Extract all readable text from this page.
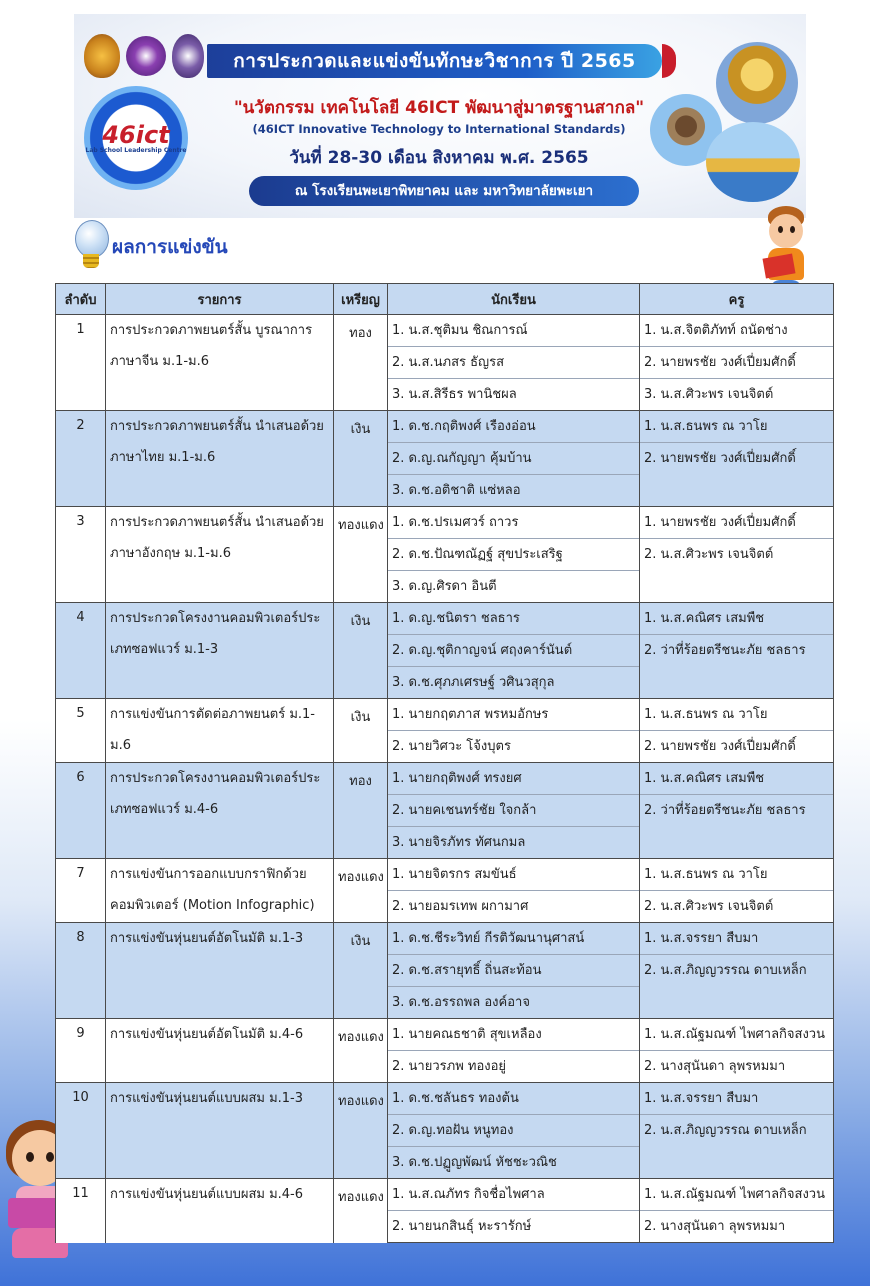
การประกวดและแข่งขันทักษะวิชาการ ปี 2565
46ict
Lab School Leadership Centre
"นวัตกรรม เทคโนโลยี 46ICT พัฒนาสู่มาตรฐานสากล"
(46ICT Innovative Technology to International Standards)
วันที่ 28-30 เดือน สิงหาคม พ.ศ. 2565
ณ โรงเรียนพะเยาพิทยาคม และ มหาวิทยาลัยพะเยา
ผลการแข่งขัน
ลำดับ	รายการ	เหรียญ	นักเรียน	ครู
1	การประกวดภาพยนตร์สั้น บูรณาการภาษาจีน ม.1-ม.6	ทอง	1. น.ส.ชุติมน ชิณการณ์	1. น.ส.จิตติภัทท์ ถนัดช่าง
			2. น.ส.นภสร ธัญรส	2. นายพรชัย วงศ์เปี่ยมศักดิ์
			3. น.ส.สิรีธร พานิชผล	3. น.ส.ศิวะพร เจนจิตต์
2	การประกวดภาพยนตร์สั้น นำเสนอด้วยภาษาไทย ม.1-ม.6	เงิน	1. ด.ช.กฤติพงศ์ เรืองอ่อน	1. น.ส.ธนพร ณ วาโย
			2. ด.ญ.ณกัญญา คุ้มบ้าน	2. นายพรชัย วงศ์เปี่ยมศักดิ์
			3. ด.ช.อติชาติ แซ่หลอ	
3	การประกวดภาพยนตร์สั้น นำเสนอด้วยภาษาอังกฤษ ม.1-ม.6	ทองแดง	1. ด.ช.ปรเมศวร์ ถาวร	1. นายพรชัย วงศ์เปี่ยมศักดิ์
			2. ด.ช.ปัณฑณัฏฐ์ สุขประเสริฐ	2. น.ส.ศิวะพร เจนจิตต์
			3. ด.ญ.ศิรดา อินตี	
4	การประกวดโครงงานคอมพิวเตอร์ประเภทซอฟแวร์ ม.1-3	เงิน	1. ด.ญ.ชนิตรา ชลธาร	1. น.ส.คณิศร เสมพืช
			2. ด.ญ.ชุติกาญจน์ ศฤงคาร์นันต์	2. ว่าที่ร้อยตรีชนะภัย ชลธาร
			3. ด.ช.ศุภภเศรษฐ์ วศินวสุกุล	
5	การแข่งขันการตัดต่อภาพยนตร์ ม.1-ม.6	เงิน	1. นายกฤตภาส พรหมอักษร	1. น.ส.ธนพร ณ วาโย
			2. นายวิศวะ โจ้งบุตร	2. นายพรชัย วงศ์เปี่ยมศักดิ์
6	การประกวดโครงงานคอมพิวเตอร์ประเภทซอฟแวร์ ม.4-6	ทอง	1. นายกฤติพงศ์ ทรงยศ	1. น.ส.คณิศร เสมพืช
			2. นายคเชนทร์ชัย ใจกล้า	2. ว่าที่ร้อยตรีชนะภัย ชลธาร
			3. นายจิรภัทร ทัศนกมล	
7	การแข่งขันการออกแบบกราฟิกด้วยคอมพิวเตอร์ (Motion Infographic)	ทองแดง	1. นายจิตรกร สมขันธ์	1. น.ส.ธนพร ณ วาโย
			2. นายอมรเทพ ผกามาศ	2. น.ส.ศิวะพร เจนจิตต์
8	การแข่งขันหุ่นยนต์อัตโนมัติ ม.1-3	เงิน	1. ด.ช.ชีระวิทย์ กีรติวัฒนานุศาสน์	1. น.ส.จรรยา สืบมา
			2. ด.ช.สรายุทธิ์ ถิ่นสะท้อน	2. น.ส.ภิญญวรรณ ดาบเหล็ก
			3. ด.ช.อรรถพล องค์อาจ	
9	การแข่งขันหุ่นยนต์อัตโนมัติ ม.4-6	ทองแดง	1. นายคณธชาติ สุขเหลือง	1. น.ส.ณัฐมณฑ์ ไพศาลกิจสงวน
			2. นายวรภพ ทองอยู่	2. นางสุนันดา ลุพรหมมา
10	การแข่งขันหุ่นยนต์แบบผสม ม.1-3	ทองแดง	1. ด.ช.ชลันธร ทองต้น	1. น.ส.จรรยา สืบมา
			2. ด.ญ.ทอฝัน หนูทอง	2. น.ส.ภิญญวรรณ ดาบเหล็ก
			3. ด.ช.ปฏูญพัฒน์ หัชชะวณิช	
11	การแข่งขันหุ่นยนต์แบบผสม ม.4-6	ทองแดง	1. น.ส.ณภัทร กิจชื่อไพศาล	1. น.ส.ณัฐมณฑ์ ไพศาลกิจสงวน
			2. นายนกสินธุ์ หะรารักษ์	2. นางสุนันดา ลุพรหมมา
